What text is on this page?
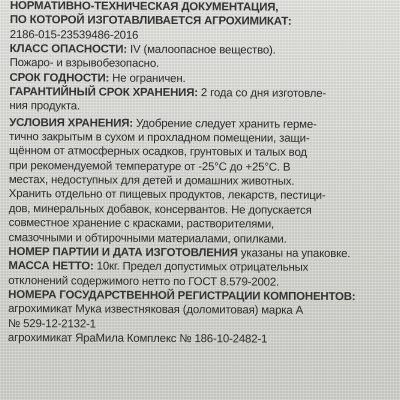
НОРМАТИВНО-ТЕХНИЧЕСКАЯ ДОКУМЕНТАЦИЯ,

ПО КОТОРОЙ ИЗГОТАВЛИВАЕТСЯ АГРОХИМИКАТ:

2186-015-23539486-2016

КЛАСС ОПАСНОСТИ: IV (малоопасное вещество).

Пожаро- и взрывобезопасно.

СРОК ГОДНОСТИ: Не ограничен.

ГАРАНТИЙНЫЙ СРОК ХРАНЕНИЯ: 2 года со дня изготовле-

ния продукта.

УСЛОВИЯ ХРАНЕНИЯ: Удобрение следует хранить герме-

тично закрытым в сухом и прохладном помещении, защи-

щённом от атмосферных осадков, грунтовых и талых вод

при рекомендуемой температуре от -25°С до +25°С. В

местах, недоступных для детей и домашних животных.

Хранить отдельно от пищевых продуктов, лекарств, пестици-

дов, минеральных добавок, консервантов. Не допускается

совместное хранение с красками, растворителями,

смазочными и обтирочными материалами, опилками.

НОМЕР ПАРТИИ И ДАТА ИЗГОТОВЛЕНИЯ указаны на упаковке.

МАССА НЕТТО: 10кг. Предел допустимых отрицательных

отклонений содержимого нетто по ГОСТ 8.579-2002.

НОМЕРА ГОСУДАРСТВЕННОЙ РЕГИСТРАЦИИ КОМПОНЕНТОВ:

агрохимикат Мука известняковая (доломитовая) марка А

№ 529-12-2132-1

агрохимикат ЯраМила Комплекс № 186-10-2482-1
